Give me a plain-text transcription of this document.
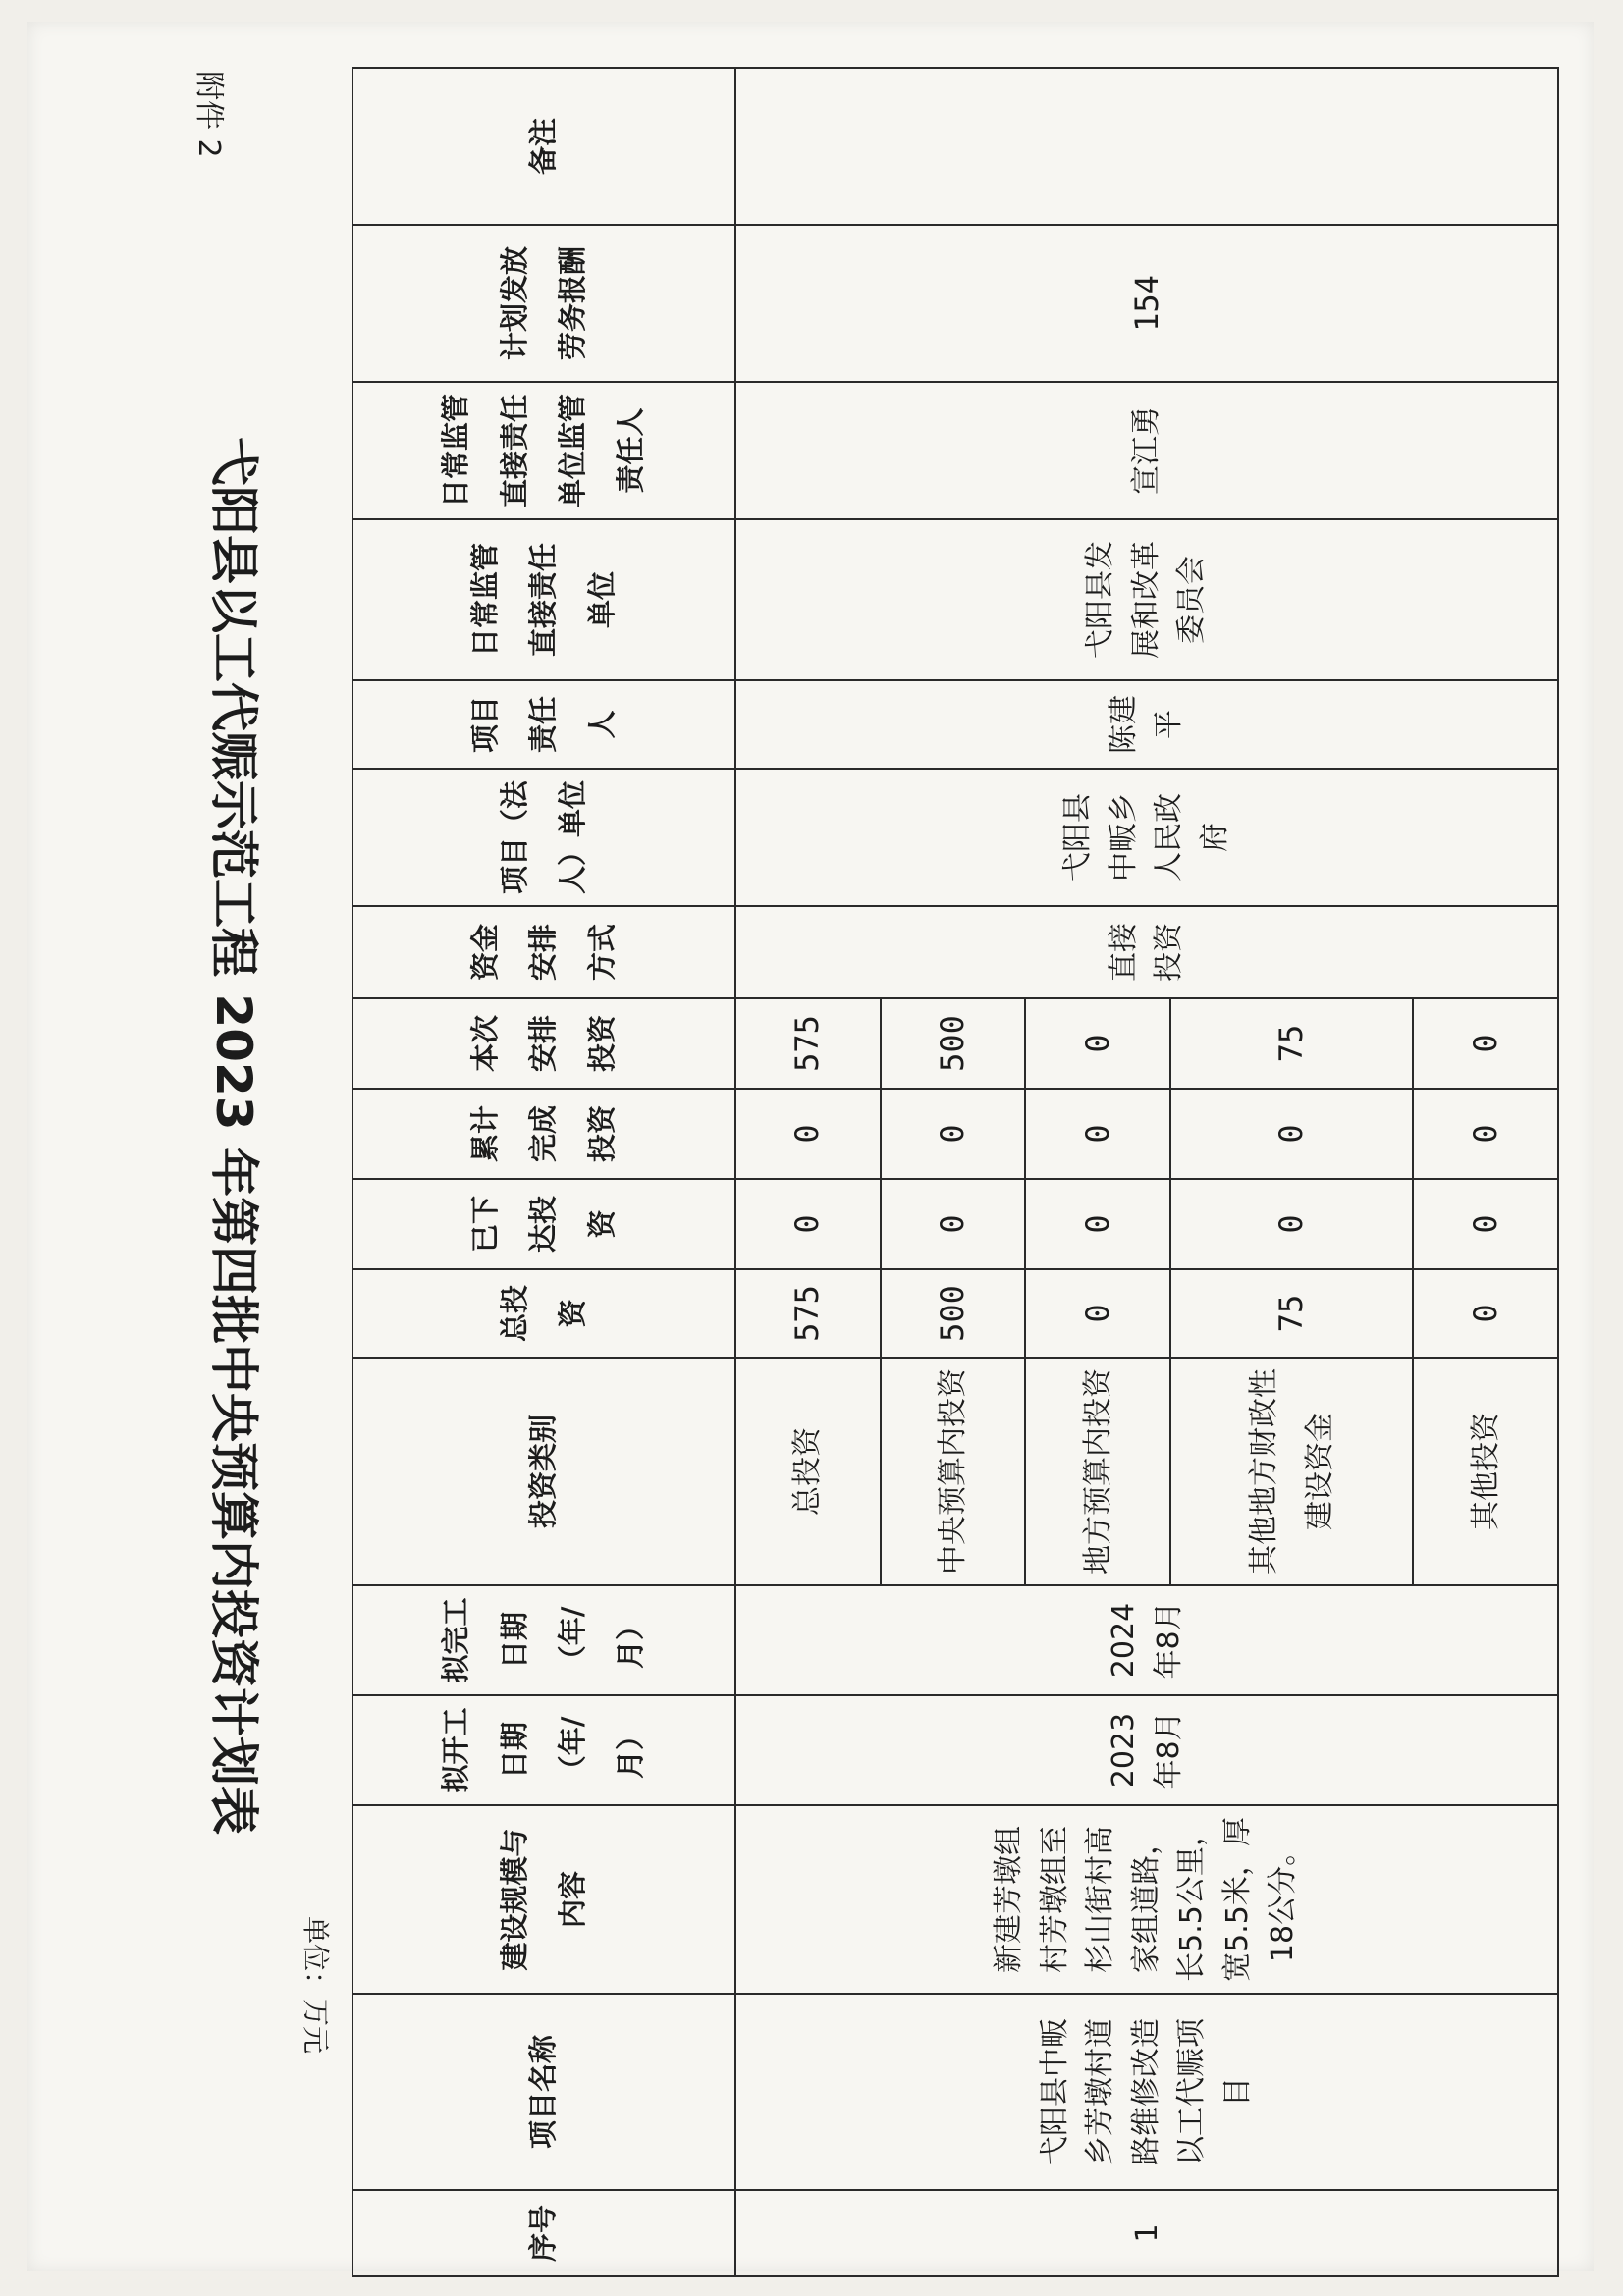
附件 2
弋阳县以工代赈示范工程 2023 年第四批中央预算内投资计划表
单位：万元
序号	项目名称	建设规模与内容	拟开工日期（年/月）	拟完工日期（年/月）	投资类别	总投资	已下达投资	累计完成投资	本次安排投资	资金安排方式	项目（法人）单位	项目责任人	日常监管直接责任单位	日常监管直接责任单位监管责任人	计划发放劳务报酬	备注
1	弋阳县中畈乡芳墩村道路维修改造以工代赈项目	新建芳墩组村芳墩组至杉山街村高家组道路，长5.5公里，宽5.5米，厚18公分。	2023年8月	2024年8月	总投资	575	0	0	575	直接投资	弋阳县中畈乡人民政府	陈建平	弋阳县发展和改革委员会	宣江勇	154	
					中央预算内投资	500	0	0	500							
					地方预算内投资	0	0	0	0							
					其他地方财政性建设资金	75	0	0	75							
					其他投资	0	0	0	0							
